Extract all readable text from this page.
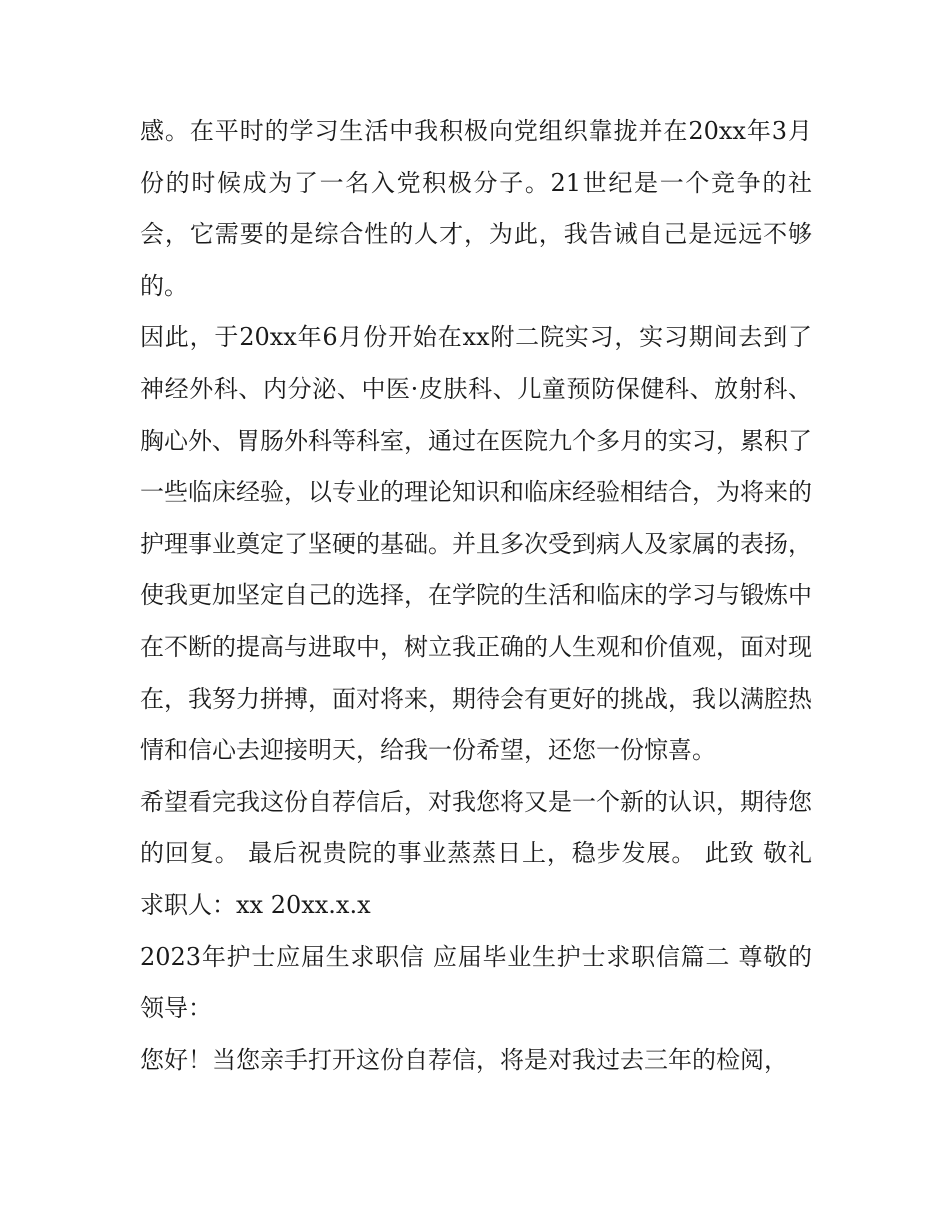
感。在平时的学习生活中我积极向党组织靠拢并在20xx年3月份的时候成为了一名入党积极分子。21世纪是一个竞争的社会，它需要的是综合性的人才，为此，我告诫自己是远远不够的。

因此，于20xx年6月份开始在xx附二院实习，实习期间去到了神经外科、内分泌、中医·皮肤科、儿童预防保健科、放射科、胸心外、胃肠外科等科室，通过在医院九个多月的实习，累积了一些临床经验，以专业的理论知识和临床经验相结合，为将来的护理事业奠定了坚硬的基础。并且多次受到病人及家属的表扬，使我更加坚定自己的选择，在学院的生活和临床的学习与锻炼中在不断的提高与进取中，树立我正确的人生观和价值观，面对现在，我努力拼搏，面对将来，期待会有更好的挑战，我以满腔热情和信心去迎接明天，给我一份希望，还您一份惊喜。

希望看完我这份自荐信后，对我您将又是一个新的认识，期待您的回复。 最后祝贵院的事业蒸蒸日上，稳步发展。 此致 敬礼 求职人：xx 20xx.x.x

2023年护士应届生求职信 应届毕业生护士求职信篇二 尊敬的领导：

您好！当您亲手打开这份自荐信，将是对我过去三年的检阅，
